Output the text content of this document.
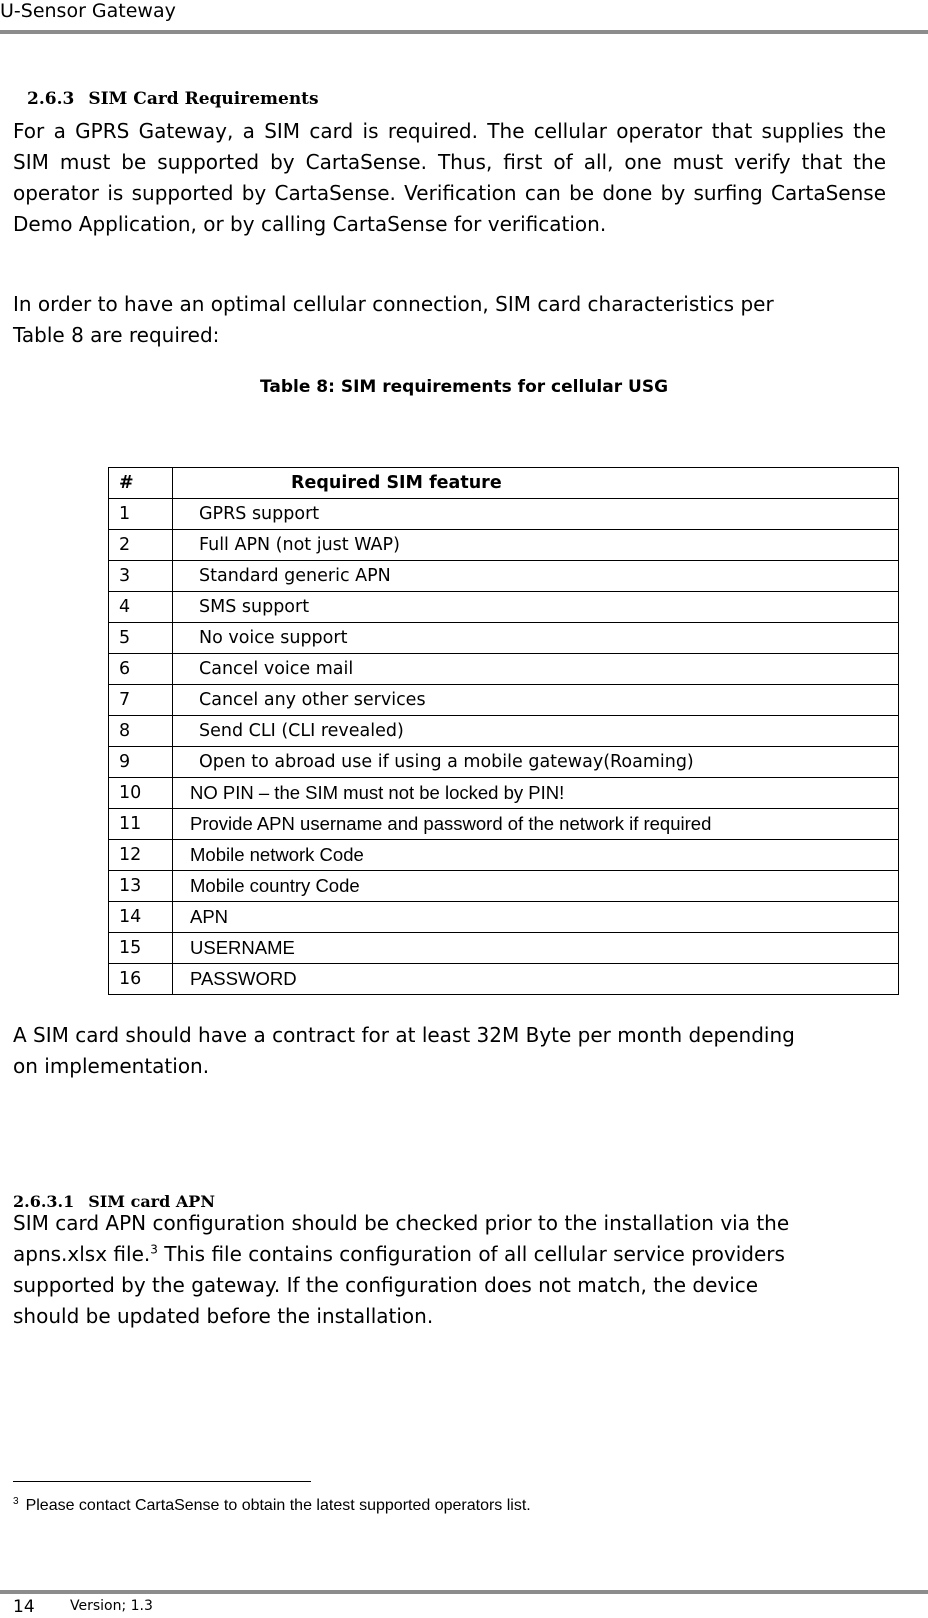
U-Sensor Gateway
2.6.3 SIM Card Requirements

For a GPRS Gateway, a SIM card is required. The cellular operator that supplies the SIM must be supported by CartaSense. Thus, first of all, one must verify that the operator is supported by CartaSense. Verification can be done by surfing CartaSense Demo Application, or by calling CartaSense for verification.

In order to have an optimal cellular connection, SIM card characteristics per
Table 8 are required:
Table 8: SIM requirements for cellular USG
#	Required SIM feature
1	GPRS support
2	Full APN (not just WAP)
3	Standard generic APN
4	SMS support
5	No voice support
6	Cancel voice mail
7	Cancel any other services
8	Send CLI (CLI revealed)
9	Open to abroad use if using a mobile gateway(Roaming)
10	NO PIN – the SIM must not be locked by PIN!
11	Provide APN username and password of the network if required
12	Mobile network Code
13	Mobile country Code
14	APN
15	USERNAME
16	PASSWORD
A SIM card should have a contract for at least 32M Byte per month depending
on implementation.
2.6.3.1 SIM card APN
SIM card APN configuration should be checked prior to the installation via the
apns.xlsx file.$^3$ This file contains configuration of all cellular service providers
supported by the gateway. If the configuration does not match, the device
should be updated before the installation.
$^3$ Please contact CartaSense to obtain the latest supported operators list.
14	Version; 1.3
